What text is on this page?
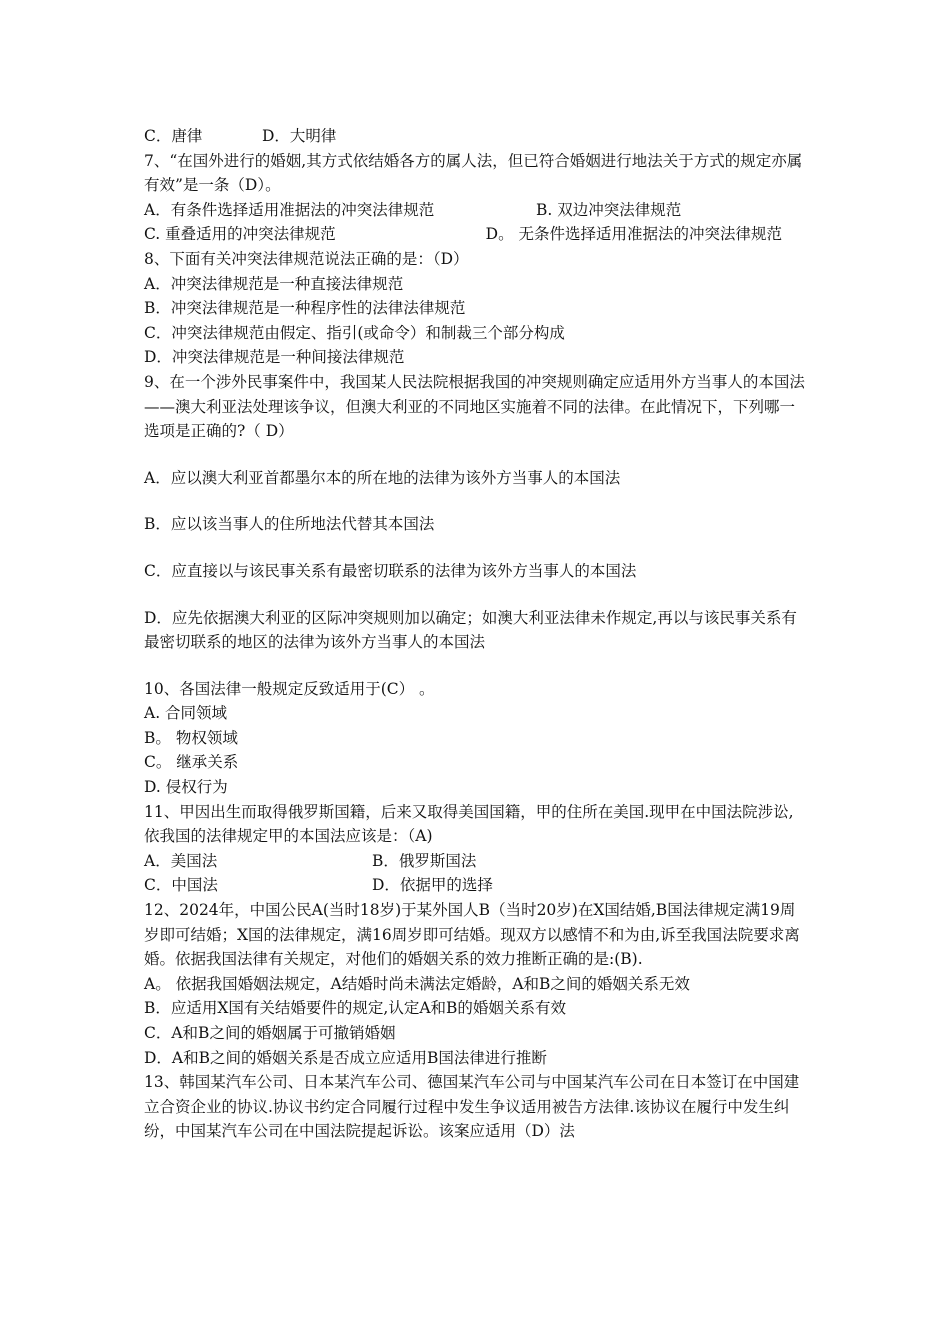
C．唐律	D．大明律
7、“在国外进行的婚姻,其方式依结婚各方的属人法，但已符合婚姻进行地法关于方式的规定亦属有效”是一条（D）。
A．有条件选择适用准据法的冲突法律规范	B. 双边冲突法律规范
C. 重叠适用的冲突法律规范	D。 无条件选择适用准据法的冲突法律规范
8、下面有关冲突法律规范说法正确的是：（D）
A．冲突法律规范是一种直接法律规范
B．冲突法律规范是一种程序性的法律法律规范
C．冲突法律规范由假定、指引(或命令）和制裁三个部分构成
D．冲突法律规范是一种间接法律规范
9、在一个涉外民事案件中，我国某人民法院根据我国的冲突规则确定应适用外方当事人的本国法——澳大利亚法处理该争议，但澳大利亚的不同地区实施着不同的法律。在此情况下，下列哪一选项是正确的?（ D）
A．应以澳大利亚首都墨尔本的所在地的法律为该外方当事人的本国法
B．应以该当事人的住所地法代替其本国法
C．应直接以与该民事关系有最密切联系的法律为该外方当事人的本国法
D．应先依据澳大利亚的区际冲突规则加以确定；如澳大利亚法律未作规定,再以与该民事关系有最密切联系的地区的法律为该外方当事人的本国法
10、各国法律一般规定反致适用于(C） 。
A. 合同领域
B。 物权领域
C。 继承关系
D. 侵权行为
11、甲因出生而取得俄罗斯国籍，后来又取得美国国籍，甲的住所在美国.现甲在中国法院涉讼,依我国的法律规定甲的本国法应该是：（A)
A．美国法	B．俄罗斯国法
C．中国法	D．依据甲的选择
12、2024年，中国公民A(当时18岁)于某外国人B（当时20岁)在X国结婚,B国法律规定满19周岁即可结婚；X国的法律规定，满16周岁即可结婚。现双方以感情不和为由,诉至我国法院要求离婚。依据我国法律有关规定，对他们的婚姻关系的效力推断正确的是:(B).
A。 依据我国婚姻法规定，A结婚时尚未满法定婚龄，A和B之间的婚姻关系无效
B．应适用X国有关结婚要件的规定,认定A和B的婚姻关系有效
C．A和B之间的婚姻属于可撤销婚姻
D．A和B之间的婚姻关系是否成立应适用B国法律进行推断
13、韩国某汽车公司、日本某汽车公司、德国某汽车公司与中国某汽车公司在日本签订在中国建立合资企业的协议.协议书约定合同履行过程中发生争议适用被告方法律.该协议在履行中发生纠纷，中国某汽车公司在中国法院提起诉讼。该案应适用（D）法
